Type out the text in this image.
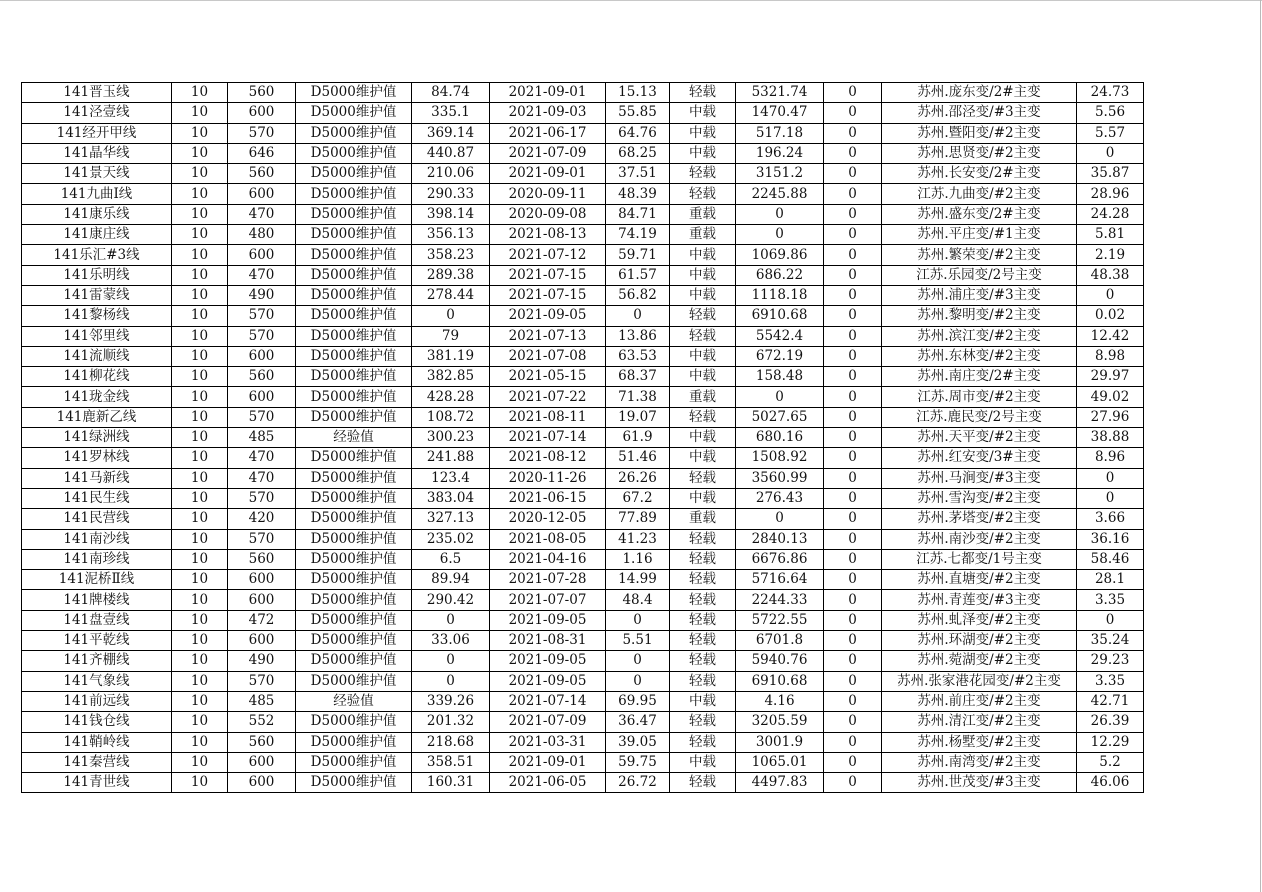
141晋玉线	10	560	D5000维护值	84.74	2021-09-01	15.13	轻载	5321.74	0	苏州.庞东变/2#主变	24.73
141泾壹线	10	600	D5000维护值	335.1	2021-09-03	55.85	中载	1470.47	0	苏州.邵泾变/#3主变	5.56
141经开甲线	10	570	D5000维护值	369.14	2021-06-17	64.76	中载	517.18	0	苏州.暨阳变/#2主变	5.57
141晶华线	10	646	D5000维护值	440.87	2021-07-09	68.25	中载	196.24	0	苏州.思贤变/#2主变	0
141景天线	10	560	D5000维护值	210.06	2021-09-01	37.51	轻载	3151.2	0	苏州.长安变/2#主变	35.87
141九曲Ⅰ线	10	600	D5000维护值	290.33	2020-09-11	48.39	轻载	2245.88	0	江苏.九曲变/#2主变	28.96
141康乐线	10	470	D5000维护值	398.14	2020-09-08	84.71	重载	0	0	苏州.盛东变/2#主变	24.28
141康庄线	10	480	D5000维护值	356.13	2021-08-13	74.19	重载	0	0	苏州.平庄变/#1主变	5.81
141乐汇#3线	10	600	D5000维护值	358.23	2021-07-12	59.71	中载	1069.86	0	苏州.繁荣变/#2主变	2.19
141乐明线	10	470	D5000维护值	289.38	2021-07-15	61.57	中载	686.22	0	江苏.乐园变/2号主变	48.38
141雷蒙线	10	490	D5000维护值	278.44	2021-07-15	56.82	中载	1118.18	0	苏州.浦庄变/#3主变	0
141黎杨线	10	570	D5000维护值	0	2021-09-05	0	轻载	6910.68	0	苏州.黎明变/#2主变	0.02
141邻里线	10	570	D5000维护值	79	2021-07-13	13.86	轻载	5542.4	0	苏州.滨江变/#2主变	12.42
141流顺线	10	600	D5000维护值	381.19	2021-07-08	63.53	中载	672.19	0	苏州.东林变/#2主变	8.98
141柳花线	10	560	D5000维护值	382.85	2021-05-15	68.37	中载	158.48	0	苏州.南庄变/2#主变	29.97
141珑金线	10	600	D5000维护值	428.28	2021-07-22	71.38	重载	0	0	江苏.周市变/#2主变	49.02
141鹿新乙线	10	570	D5000维护值	108.72	2021-08-11	19.07	轻载	5027.65	0	江苏.鹿民变/2号主变	27.96
141绿洲线	10	485	经验值	300.23	2021-07-14	61.9	中载	680.16	0	苏州.天平变/#2主变	38.88
141罗林线	10	470	D5000维护值	241.88	2021-08-12	51.46	中载	1508.92	0	苏州.红安变/3#主变	8.96
141马新线	10	470	D5000维护值	123.4	2020-11-26	26.26	轻载	3560.99	0	苏州.马涧变/#3主变	0
141民生线	10	570	D5000维护值	383.04	2021-06-15	67.2	中载	276.43	0	苏州.雪沟变/#2主变	0
141民营线	10	420	D5000维护值	327.13	2020-12-05	77.89	重载	0	0	苏州.茅塔变/#2主变	3.66
141南沙线	10	570	D5000维护值	235.02	2021-08-05	41.23	轻载	2840.13	0	苏州.南沙变/#2主变	36.16
141南珍线	10	560	D5000维护值	6.5	2021-04-16	1.16	轻载	6676.86	0	江苏.七都变/1号主变	58.46
141泥桥Ⅱ线	10	600	D5000维护值	89.94	2021-07-28	14.99	轻载	5716.64	0	苏州.直塘变/#2主变	28.1
141牌楼线	10	600	D5000维护值	290.42	2021-07-07	48.4	轻载	2244.33	0	苏州.青莲变/#3主变	3.35
141盘壹线	10	472	D5000维护值	0	2021-09-05	0	轻载	5722.55	0	苏州.虬泽变/#2主变	0
141平乾线	10	600	D5000维护值	33.06	2021-08-31	5.51	轻载	6701.8	0	苏州.环湖变/#2主变	35.24
141齐棚线	10	490	D5000维护值	0	2021-09-05	0	轻载	5940.76	0	苏州.菀湖变/#2主变	29.23
141气象线	10	570	D5000维护值	0	2021-09-05	0	轻载	6910.68	0	苏州.张家港花园变/#2主变	3.35
141前远线	10	485	经验值	339.26	2021-07-14	69.95	中载	4.16	0	苏州.前庄变/#2主变	42.71
141钱仓线	10	552	D5000维护值	201.32	2021-07-09	36.47	轻载	3205.59	0	苏州.清江变/#2主变	26.39
141鞘岭线	10	560	D5000维护值	218.68	2021-03-31	39.05	轻载	3001.9	0	苏州.杨墅变/#2主变	12.29
141秦营线	10	600	D5000维护值	358.51	2021-09-01	59.75	中载	1065.01	0	苏州.南湾变/#2主变	5.2
141青世线	10	600	D5000维护值	160.31	2021-06-05	26.72	轻载	4497.83	0	苏州.世茂变/#3主变	46.06
